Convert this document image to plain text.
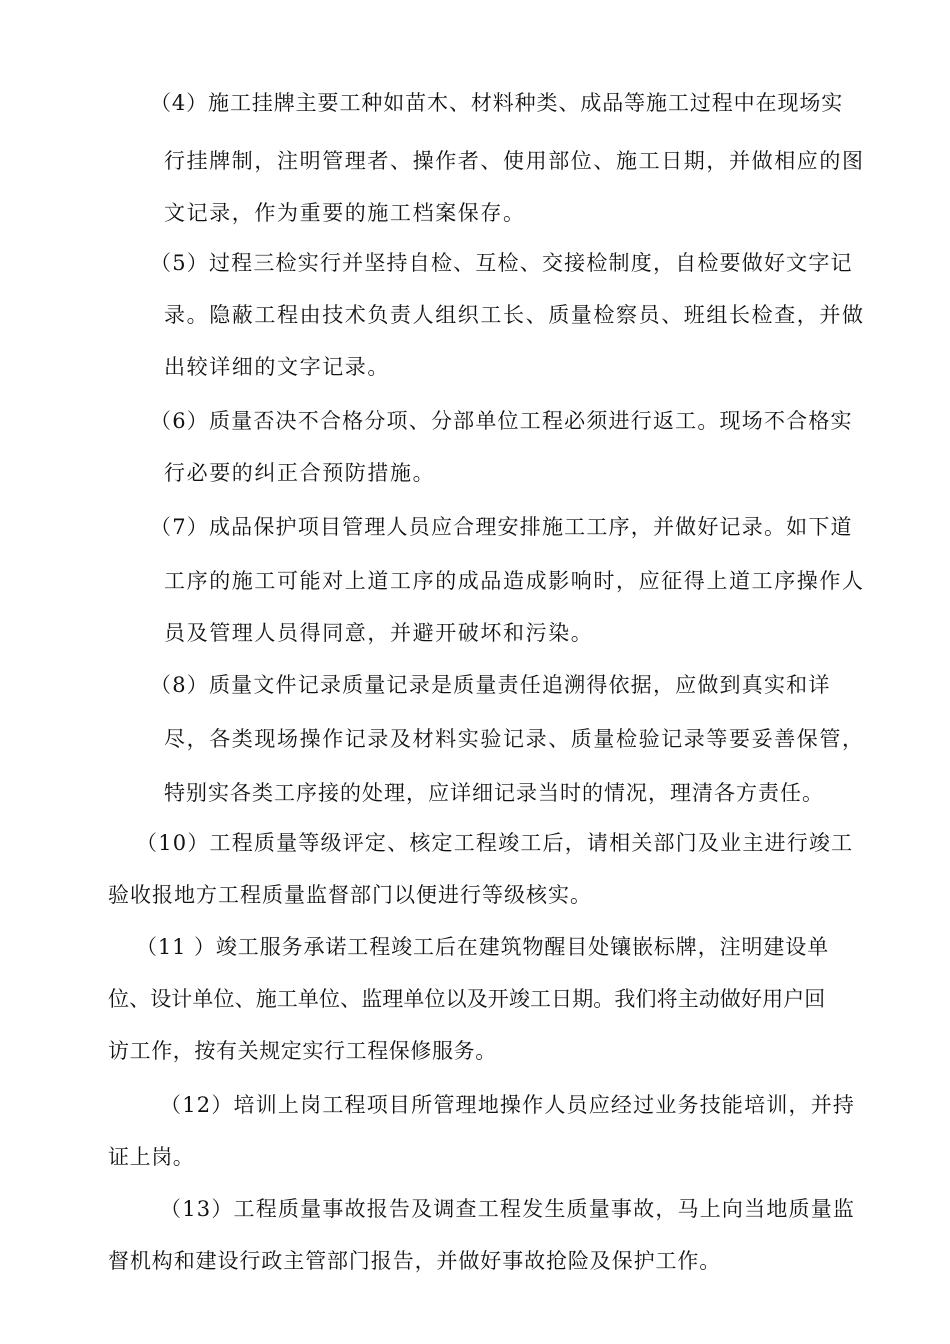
（4）施工挂牌主要工种如苗木、材料种类、成品等施工过程中在现场实
行挂牌制，注明管理者、操作者、使用部位、施工日期，并做相应的图
文记录，作为重要的施工档案保存。
（5）过程三检实行并坚持自检、互检、交接检制度，自检要做好文字记
录。隐蔽工程由技术负责人组织工长、质量检察员、班组长检查，并做
出较详细的文字记录。
（6）质量否决不合格分项、分部单位工程必须进行返工。现场不合格实
行必要的纠正合预防措施。
（7）成品保护项目管理人员应合理安排施工工序，并做好记录。如下道
工序的施工可能对上道工序的成品造成影响时，应征得上道工序操作人
员及管理人员得同意，并避开破坏和污染。
（8）质量文件记录质量记录是质量责任追溯得依据，应做到真实和详
尽，各类现场操作记录及材料实验记录、质量检验记录等要妥善保管，
特别实各类工序接的处理，应详细记录当时的情况，理清各方责任。
（10）工程质量等级评定、核定工程竣工后，请相关部门及业主进行竣工
验收报地方工程质量监督部门以便进行等级核实。
（11 ）竣工服务承诺工程竣工后在建筑物醒目处镶嵌标牌，注明建设单
位、设计单位、施工单位、监理单位以及开竣工日期。我们将主动做好用户回
访工作，按有关规定实行工程保修服务。
（12）培训上岗工程项目所管理地操作人员应经过业务技能培训，并持
证上岗。
（13）工程质量事故报告及调查工程发生质量事故，马上向当地质量监
督机构和建设行政主管部门报告，并做好事故抢险及保护工作。
